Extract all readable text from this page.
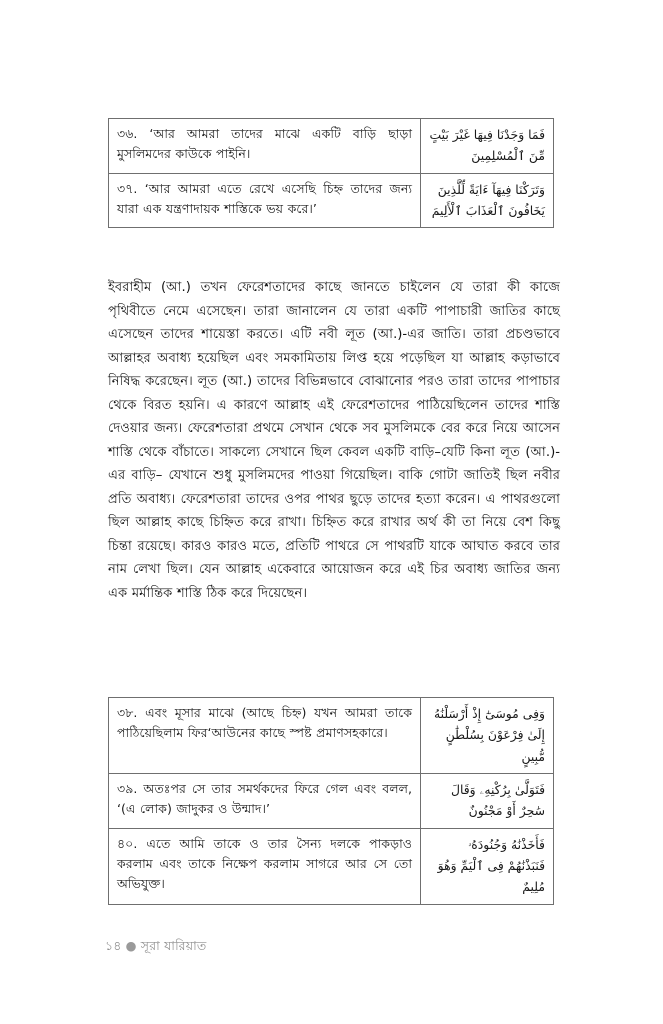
৩৬. ‘আর আমরা তাদের মাঝে একটি বাড়ি ছাড়া মুসলিমদের কাউকে পাইনি।	فَمَا وَجَدْنَا فِيهَا غَيْرَ بَيْتٍ مِّنَ ٱلْمُسْلِمِينَ
৩৭. ‘আর আমরা এতে রেখে এসেছি চিহ্ন তাদের জন্য যারা এক যন্ত্রণাদায়ক শাস্তিকে ভয় করে।’	وَتَرَكْنَا فِيهَآ ءَايَةً لِّلَّذِينَ يَخَافُونَ ٱلْعَذَابَ ٱلْأَلِيمَ

ইবরাহীম (আ.) তখন ফেরেশতাদের কাছে জানতে চাইলেন যে তারা কী কাজে পৃথিবীতে নেমে এসেছেন। তারা জানালেন যে তারা একটি পাপাচারী জাতির কাছে এসেছেন তাদের শায়েস্তা করতে। এটি নবী লূত (আ.)-এর জাতি। তারা প্রচণ্ডভাবে আল্লাহর অবাধ্য হয়েছিল এবং সমকামিতায় লিপ্ত হয়ে পড়েছিল যা আল্লাহ কড়াভাবে নিষিদ্ধ করেছেন। লূত (আ.) তাদের বিভিন্নভাবে বোঝানোর পরও তারা তাদের পাপাচার থেকে বিরত হয়নি। এ কারণে আল্লাহ এই ফেরেশতাদের পাঠিয়েছিলেন তাদের শাস্তি দেওয়ার জন্য। ফেরেশতারা প্রথমে সেখান থেকে সব মুসলিমকে বের করে নিয়ে আসেন শাস্তি থেকে বাঁচাতে। সাকল্যে সেখানে ছিল কেবল একটি বাড়ি–যেটি কিনা লূত (আ.)-এর বাড়ি– যেখানে শুধু মুসলিমদের পাওয়া গিয়েছিল। বাকি গোটা জাতিই ছিল নবীর প্রতি অবাধ্য। ফেরেশতারা তাদের ওপর পাথর ছুড়ে তাদের হত্যা করেন। এ পাথরগুলো ছিল আল্লাহ কাছে চিহ্নিত করে রাখা। চিহ্নিত করে রাখার অর্থ কী তা নিয়ে বেশ কিছু চিন্তা রয়েছে। কারও কারও মতে, প্রতিটি পাথরে সে পাথরটি যাকে আঘাত করবে তার নাম লেখা ছিল। যেন আল্লাহ একেবারে আয়োজন করে এই চির অবাধ্য জাতির জন্য এক মর্মান্তিক শাস্তি ঠিক করে দিয়েছেন।

৩৮. এবং মূসার মাঝে (আছে চিহ্ন) যখন আমরা তাকে পাঠিয়েছিলাম ফির‘আউনের কাছে স্পষ্ট প্রমাণসহকারে।	وَفِى مُوسَىٰٓ إِذْ أَرْسَلْنَٰهُ إِلَىٰ فِرْعَوْنَ بِسُلْطَٰنٍ مُّبِينٍ
৩৯. অতঃপর সে তার সমর্থকদের ফিরে গেল এবং বলল, ‘(এ লোক) জাদুকর ও উন্মাদ।’	فَتَوَلَّىٰ بِرُكْنِهِۦ وَقَالَ سَٰحِرٌ أَوْ مَجْنُونٌ
৪০. এতে আমি তাকে ও তার সৈন্য দলকে পাকড়াও করলাম এবং তাকে নিক্ষেপ করলাম সাগরে আর সে তো অভিযুক্ত।	فَأَخَذْنَٰهُ وَجُنُودَهُۥ فَنَبَذْنَٰهُمْ فِى ٱلْيَمِّ وَهُوَ مُلِيمٌ
১৪ ● সূরা যারিয়াত
